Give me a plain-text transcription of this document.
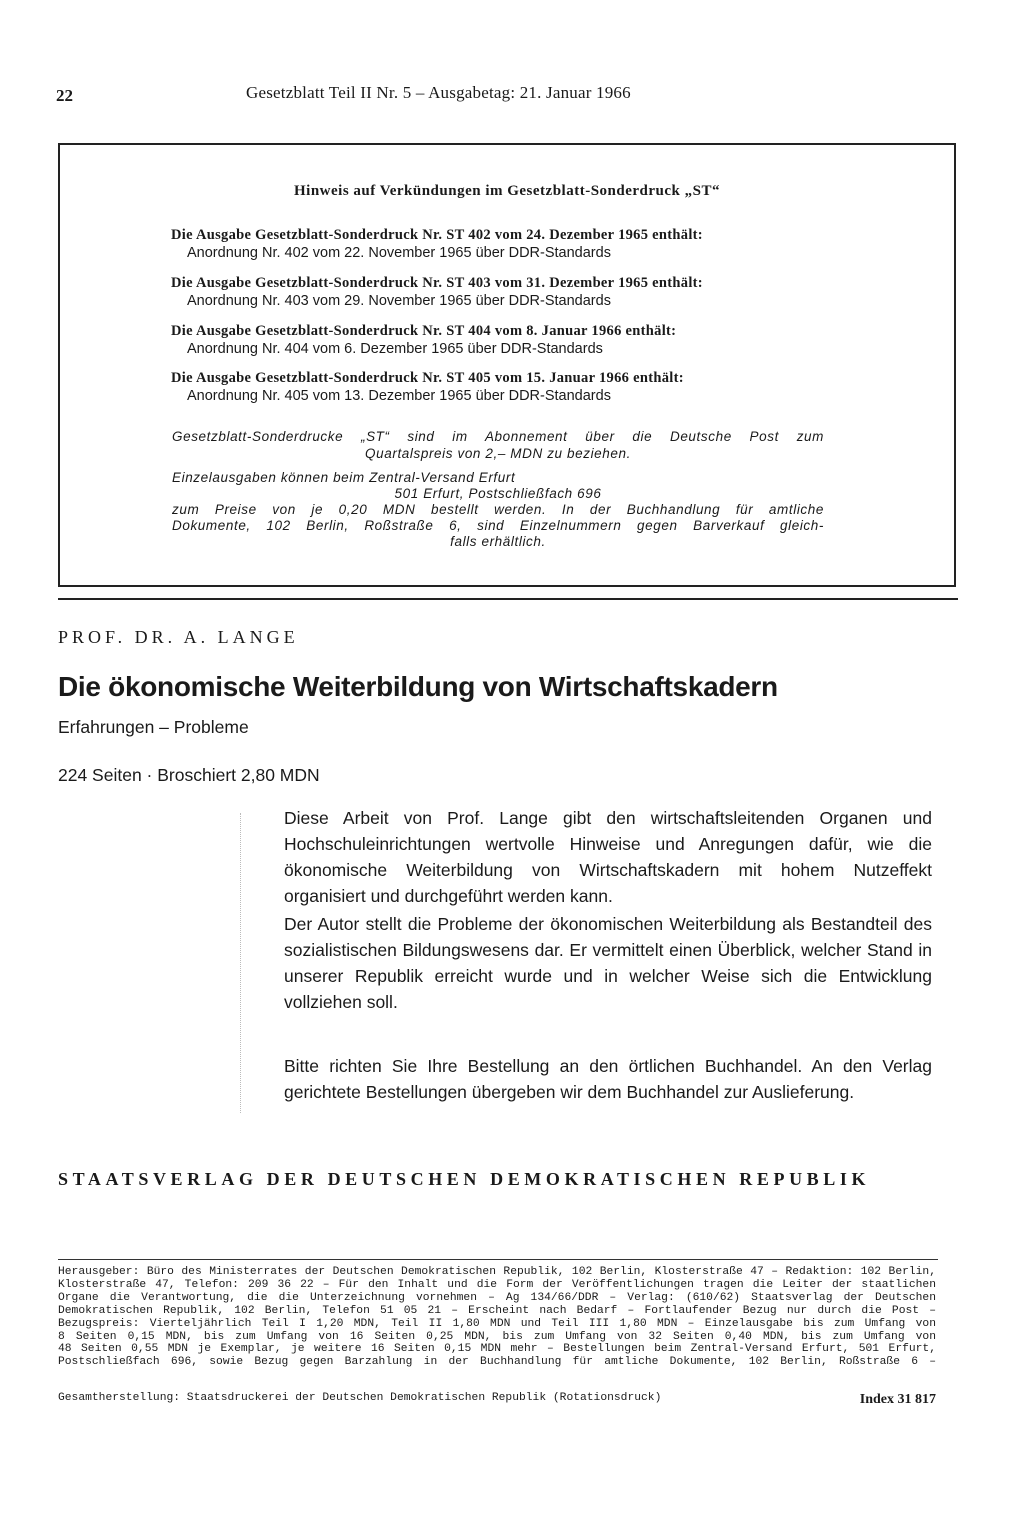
22	Gesetzblatt Teil II Nr. 5 – Ausgabetag: 21. Januar 1966
Hinweis auf Verkündungen im Gesetzblatt-Sonderdruck „ST“
Die Ausgabe Gesetzblatt-Sonderdruck Nr. ST 402 vom 24. Dezember 1965 enthält:
Anordnung Nr. 402 vom 22. November 1965 über DDR-Standards
Die Ausgabe Gesetzblatt-Sonderdruck Nr. ST 403 vom 31. Dezember 1965 enthält:
Anordnung Nr. 403 vom 29. November 1965 über DDR-Standards
Die Ausgabe Gesetzblatt-Sonderdruck Nr. ST 404 vom 8. Januar 1966 enthält:
Anordnung Nr. 404 vom 6. Dezember 1965 über DDR-Standards
Die Ausgabe Gesetzblatt-Sonderdruck Nr. ST 405 vom 15. Januar 1966 enthält:
Anordnung Nr. 405 vom 13. Dezember 1965 über DDR-Standards
Gesetzblatt-Sonderdrucke „ST“ sind im Abonnement über die Deutsche Post zum
Quartalspreis von 2,– MDN zu beziehen.
Einzelausgaben können beim Zentral-Versand Erfurt
501 Erfurt, Postschließfach 696
zum Preise von je 0,20 MDN bestellt werden. In der Buchhandlung für amtliche
Dokumente, 102 Berlin, Roßstraße 6, sind Einzelnummern gegen Barverkauf gleich-
falls erhältlich.
PROF. DR. A. LANGE
Die ökonomische Weiterbildung von Wirtschaftskadern
Erfahrungen – Probleme
224 Seiten · Broschiert 2,80 MDN
Diese Arbeit von Prof. Lange gibt den wirtschaftsleitenden Organen und Hochschuleinrichtungen wertvolle Hinweise und Anregungen dafür, wie die ökonomische Weiterbildung von Wirtschaftskadern mit hohem Nutzeffekt organisiert und durchgeführt werden kann.
Der Autor stellt die Probleme der ökonomischen Weiterbildung als Bestandteil des sozialistischen Bildungswesens dar. Er vermittelt einen Überblick, welcher Stand in unserer Republik erreicht wurde und in welcher Weise sich die Entwicklung vollziehen soll.
Bitte richten Sie Ihre Bestellung an den örtlichen Buchhandel. An den Verlag gerichtete Bestellungen übergeben wir dem Buchhandel zur Auslieferung.
STAATSVERLAG DER DEUTSCHEN DEMOKRATISCHEN REPUBLIK
Herausgeber: Büro des Ministerrates der Deutschen Demokratischen Republik, 102 Berlin, Klosterstraße 47 – Redaktion: 102 Berlin,
Klosterstraße 47, Telefon: 209 36 22 – Für den Inhalt und die Form der Veröffentlichungen tragen die Leiter der staatlichen
Organe die Verantwortung, die die Unterzeichnung vornehmen – Ag 134/66/DDR – Verlag: (610/62) Staatsverlag der Deutschen
Demokratischen Republik, 102 Berlin, Telefon 51 05 21 – Erscheint nach Bedarf – Fortlaufender Bezug nur durch die Post –
Bezugspreis: Vierteljährlich Teil I 1,20 MDN, Teil II 1,80 MDN und Teil III 1,80 MDN – Einzelausgabe bis zum Umfang von
8 Seiten 0,15 MDN, bis zum Umfang von 16 Seiten 0,25 MDN, bis zum Umfang von 32 Seiten 0,40 MDN, bis zum Umfang von
48 Seiten 0,55 MDN je Exemplar, je weitere 16 Seiten 0,15 MDN mehr – Bestellungen beim Zentral-Versand Erfurt, 501 Erfurt,
Postschließfach 696, sowie Bezug gegen Barzahlung in der Buchhandlung für amtliche Dokumente, 102 Berlin, Roßstraße 6 –
Gesamtherstellung: Staatsdruckerei der Deutschen Demokratischen Republik (Rotationsdruck)	Index 31 817
